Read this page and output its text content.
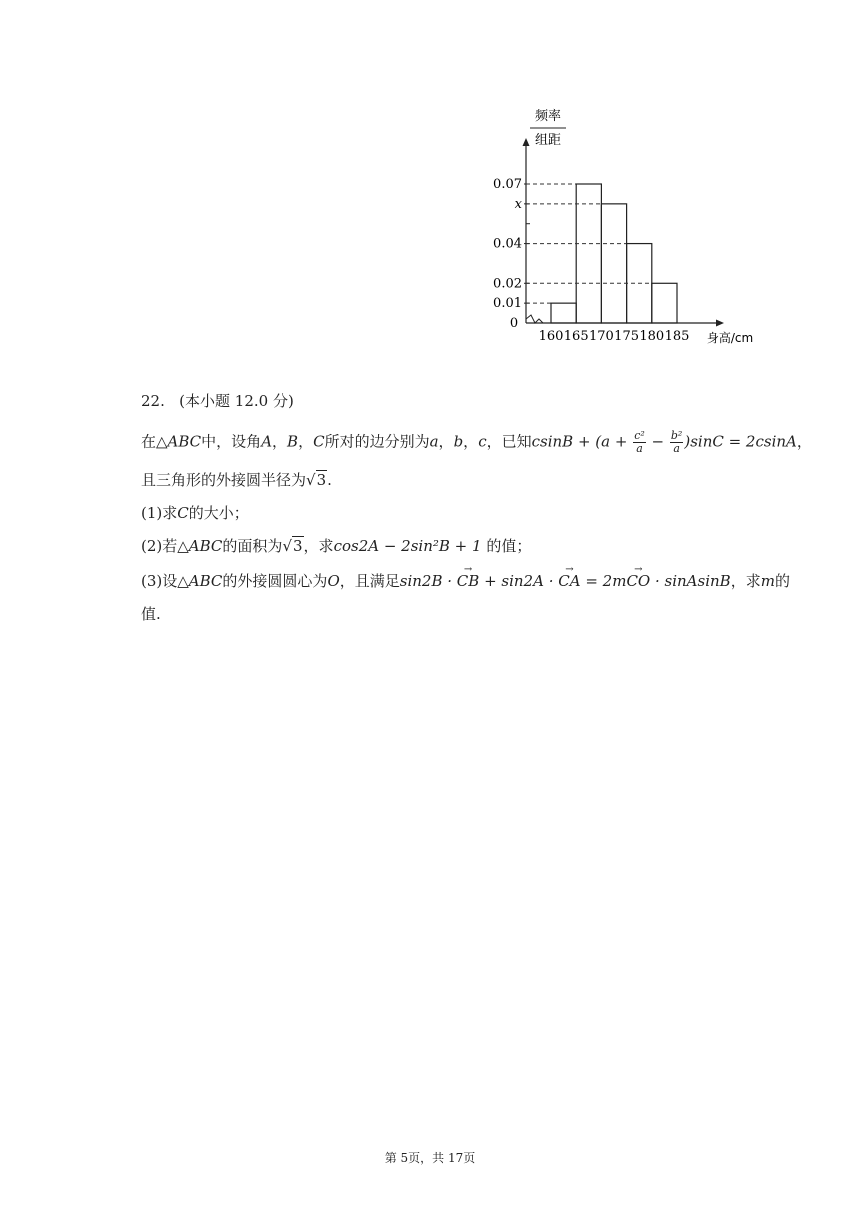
频率
组距
0
0.07
x
0.04
0.02
0.01
160 165 170 175 180 185 身高/cm
22. (本小题 12.0 分)
在△ABC中，设角A，B，C所对的边分别为a，b，c，已知$csinB + (a + \frac{\text{c²}}{a} - \frac{\text{b²}}{a} )\sin C = 2csinA$，
且三角形的外接圆半径为√3.
(1)求C的大小；
(2)若△ABC的面积为√3，求cos2A − 2sin²B + 1 的值；
(3)设△ABC的外接圆圆心为O，且满足sin2B · → CB + sin2A · → CA = 2m→ CO · sinAsinB，求m的
值.
第 5页，共 17页
